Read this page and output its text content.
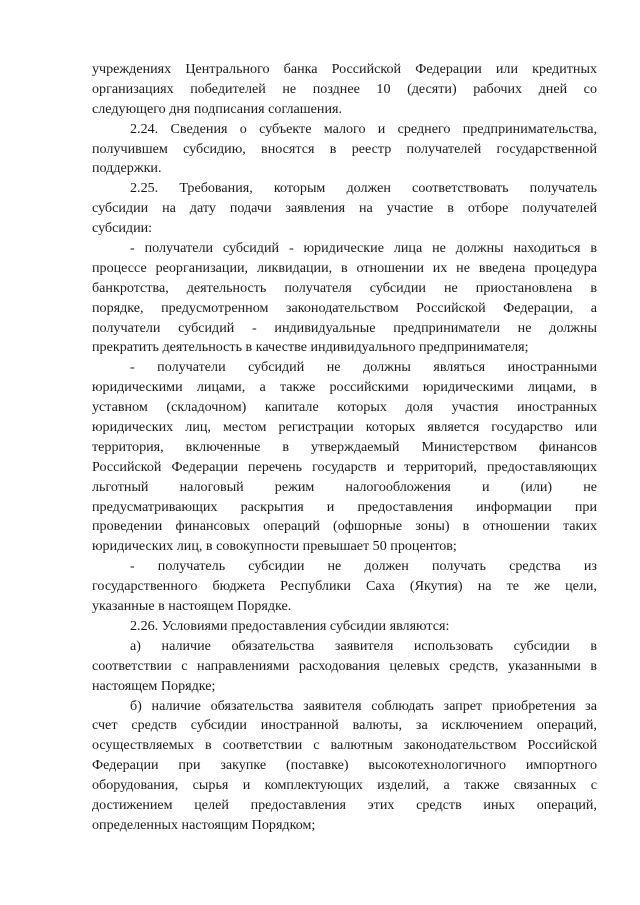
учреждениях Центрального банка Российской Федерации или кредитных
организациях победителей не позднее 10 (десяти) рабочих дней со
следующего дня подписания соглашения.
2.24. Сведения о субъекте малого и среднего предпринимательства,
получившем субсидию, вносятся в реестр получателей государственной
поддержки.
2.25. Требования, которым должен соответствовать получатель
субсидии на дату подачи заявления на участие в отборе получателей
субсидии:
- получатели субсидий - юридические лица не должны находиться в
процессе реорганизации, ликвидации, в отношении их не введена процедура
банкротства, деятельность получателя субсидии не приостановлена в
порядке, предусмотренном законодательством Российской Федерации, а
получатели субсидий - индивидуальные предприниматели не должны
прекратить деятельность в качестве индивидуального предпринимателя;
- получатели субсидий не должны являться иностранными
юридическими лицами, а также российскими юридическими лицами, в
уставном (складочном) капитале которых доля участия иностранных
юридических лиц, местом регистрации которых является государство или
территория, включенные в утверждаемый Министерством финансов
Российской Федерации перечень государств и территорий, предоставляющих
льготный налоговый режим налогообложения и (или) не
предусматривающих раскрытия и предоставления информации при
проведении финансовых операций (офшорные зоны) в отношении таких
юридических лиц, в совокупности превышает 50 процентов;
- получатель субсидии не должен получать средства из
государственного бюджета Республики Саха (Якутия) на те же цели,
указанные в настоящем Порядке.
2.26. Условиями предоставления субсидии являются:
а) наличие обязательства заявителя использовать субсидии в
соответствии с направлениями расходования целевых средств, указанными в
настоящем Порядке;
б) наличие обязательства заявителя соблюдать запрет приобретения за
счет средств субсидии иностранной валюты, за исключением операций,
осуществляемых в соответствии с валютным законодательством Российской
Федерации при закупке (поставке) высокотехнологичного импортного
оборудования, сырья и комплектующих изделий, а также связанных с
достижением целей предоставления этих средств иных операций,
определенных настоящим Порядком;
